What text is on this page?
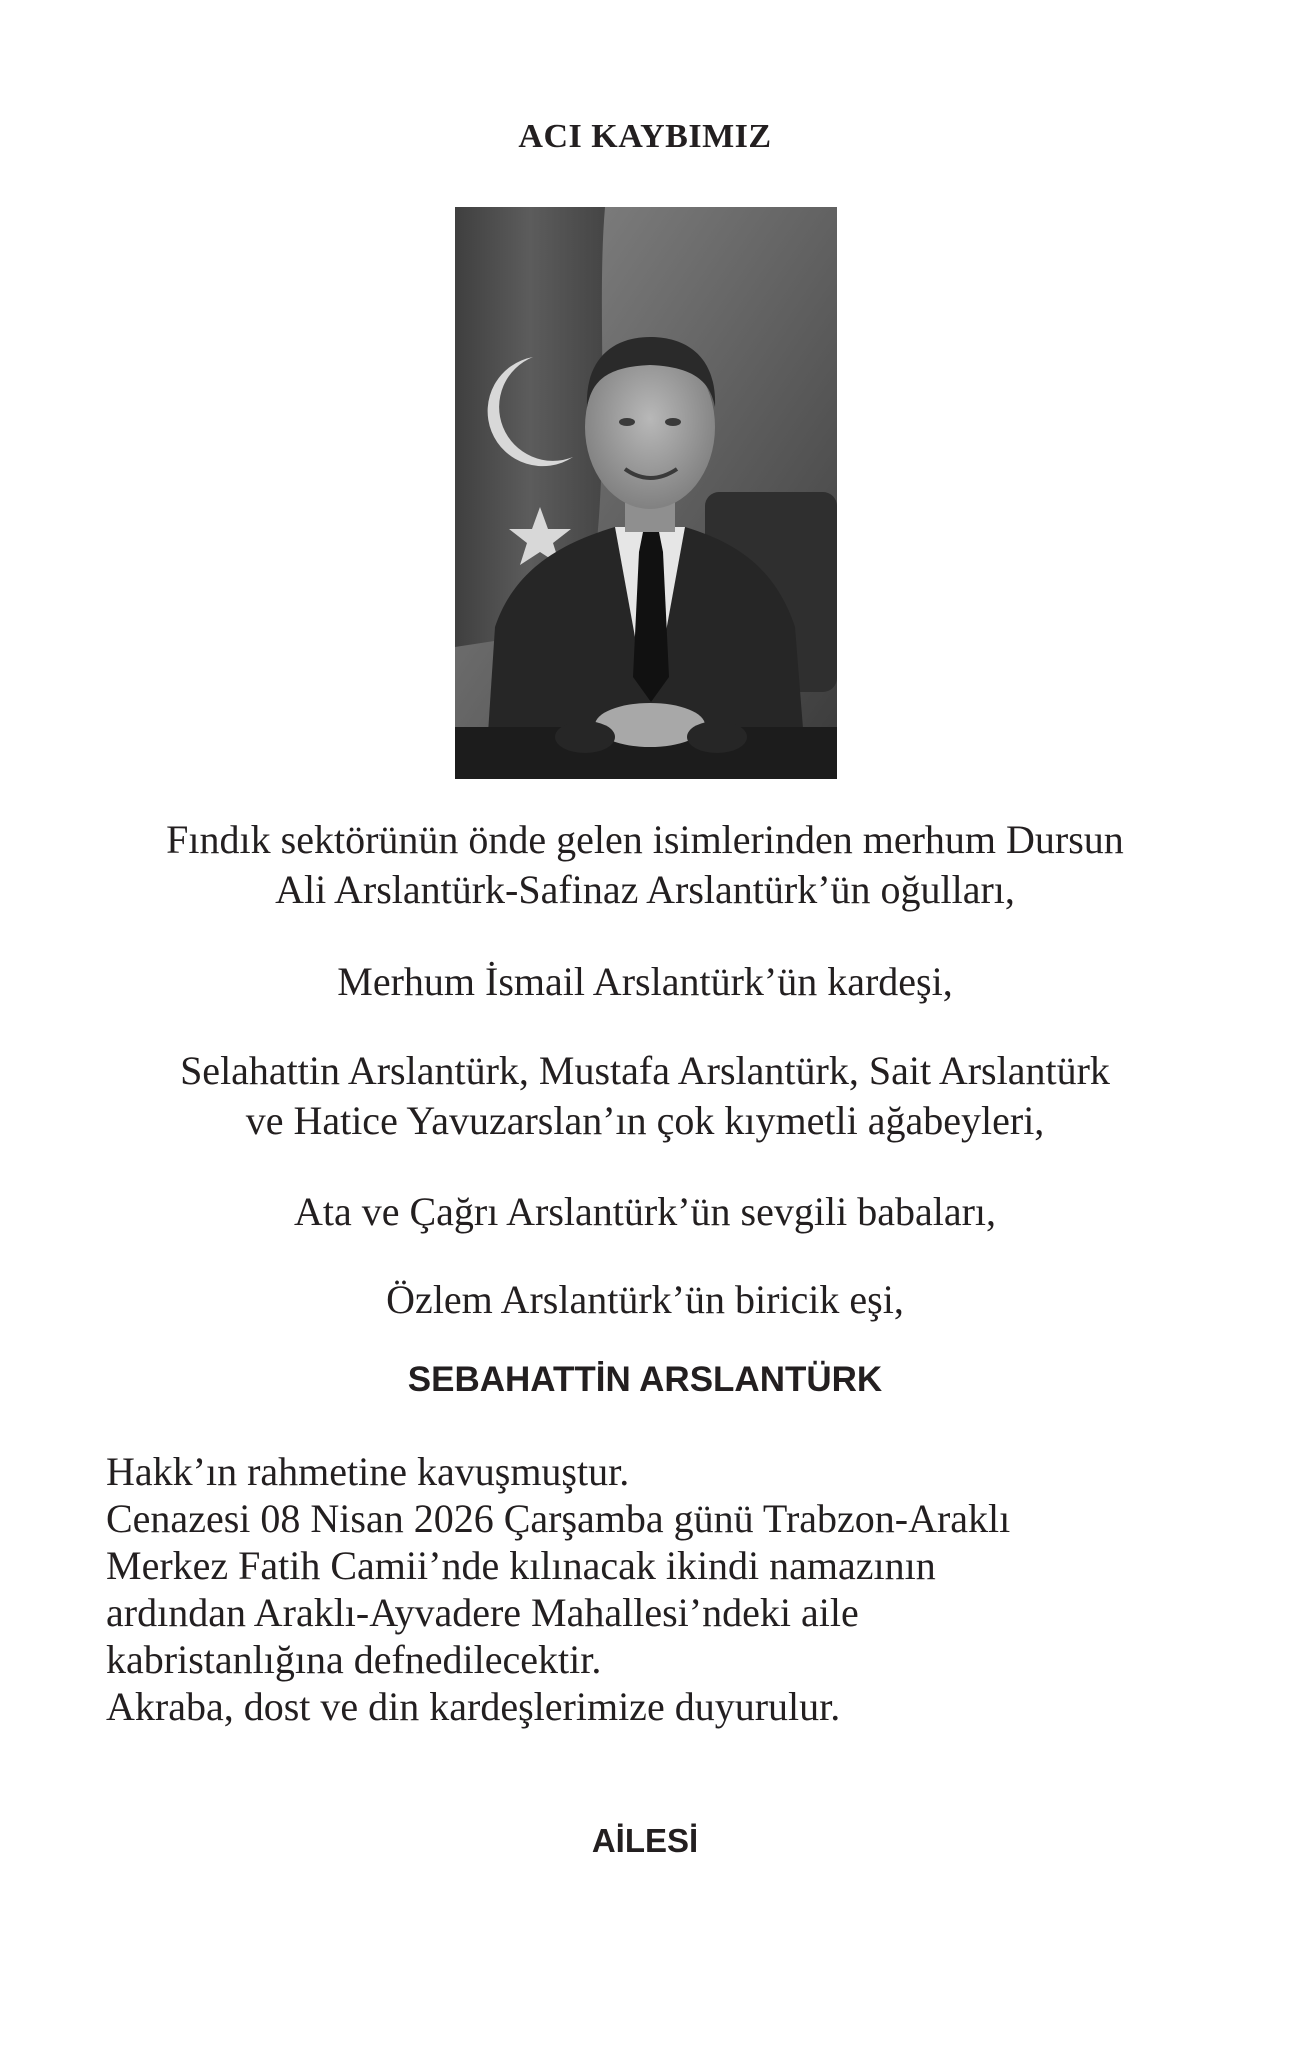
ACI KAYBIMIZ

Fındık sektörünün önde gelen isimlerinden merhum Dursun
Ali Arslantürk-Safinaz Arslantürk’ün oğulları,

Merhum İsmail Arslantürk’ün kardeşi,

Selahattin Arslantürk, Mustafa Arslantürk, Sait Arslantürk
ve Hatice Yavuzarslan’ın çok kıymetli ağabeyleri,

Ata ve Çağrı Arslantürk’ün sevgili babaları,

Özlem Arslantürk’ün biricik eşi,

SEBAHATTİN ARSLANTÜRK

Hakk’ın rahmetine kavuşmuştur.
Cenazesi 08 Nisan 2026 Çarşamba günü Trabzon-Araklı
Merkez Fatih Camii’nde kılınacak ikindi namazının
ardından Araklı-Ayvadere Mahallesi’ndeki aile
kabristanlığına defnedilecektir.
Akraba, dost ve din kardeşlerimize duyurulur.

AİLESİ
